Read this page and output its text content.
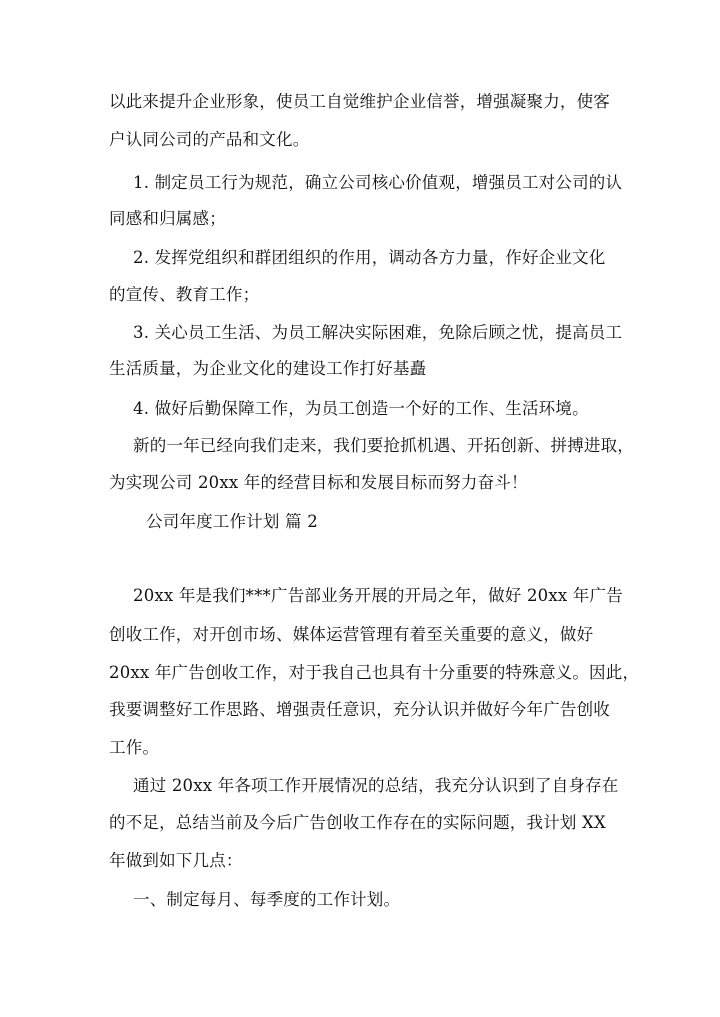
以此来提升企业形象，使员工自觉维护企业信誉，增强凝聚力，使客
户认同公司的产品和文化。
1. 制定员工行为规范，确立公司核心价值观，增强员工对公司的认
同感和归属感；
2. 发挥党组织和群团组织的作用，调动各方力量，作好企业文化
的宣传、教育工作；
3. 关心员工生活、为员工解决实际困难，免除后顾之忧，提高员工
生活质量，为企业文化的建设工作打好基矗
4. 做好后勤保障工作，为员工创造一个好的工作、生活环境。
新的一年已经向我们走来，我们要抢抓机遇、开拓创新、拼搏进取，
为实现公司 20xx 年的经营目标和发展目标而努力奋斗！
公司年度工作计划 篇 2
20xx 年是我们***广告部业务开展的开局之年，做好 20xx 年广告
创收工作，对开创市场、媒体运营管理有着至关重要的意义，做好
20xx 年广告创收工作，对于我自己也具有十分重要的特殊意义。因此，
我要调整好工作思路、增强责任意识，充分认识并做好今年广告创收
工作。
通过 20xx 年各项工作开展情况的总结，我充分认识到了自身存在
的不足，总结当前及今后广告创收工作存在的实际问题，我计划 XX
年做到如下几点：
一、制定每月、每季度的工作计划。
